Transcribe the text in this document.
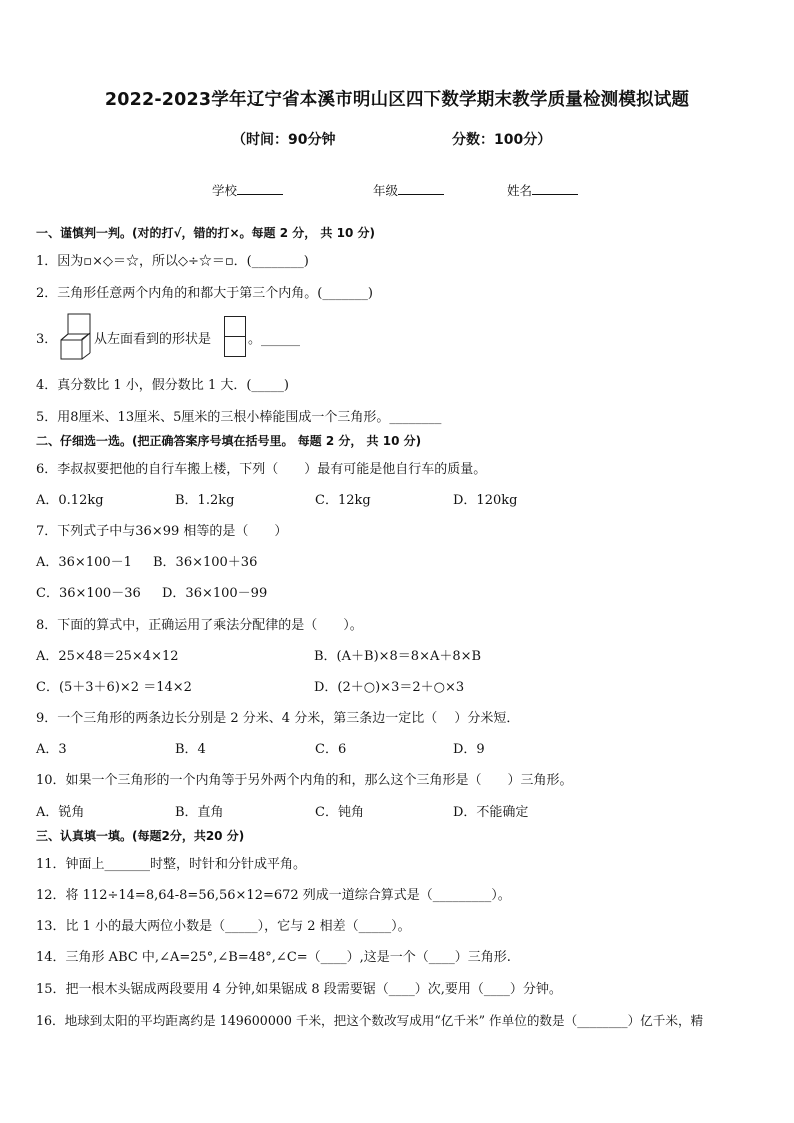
2022-2023学年辽宁省本溪市明山区四下数学期末教学质量检测模拟试题
（时间：90分钟	分数：100分）
学校	年级	姓名
一、谨慎判一判。(对的打√，错的打×。每题 2 分， 共 10 分)
1．因为▫×◇＝☆，所以◇÷☆＝▫．(________)
2．三角形任意两个内角的和都大于第三个内角。(_______)
3．	从左面看到的形状是	。______
4．真分数比 1 小，假分数比 1 大．(_____)
5．用8厘米、13厘米、5厘米的三根小棒能围成一个三角形。________
二、仔细选一选。(把正确答案序号填在括号里。 每题 2 分， 共 10 分)
6．李叔叔要把他的自行车搬上楼，下列（　　）最有可能是他自行车的质量。
A．0.12kg	B．1.2kg	C．12kg	D．120kg
7．下列式子中与36×99 相等的是（　　）
A．36×100－1 B．36×100＋36
C．36×100－36 D．36×100－99
8．下面的算式中，正确运用了乘法分配律的是（　　）。
A．25×48＝25×4×12	B．(A＋B)×8＝8×A＋8×B
C．(5＋3＋6)×2 ＝14×2	D．(2＋○)×3＝2＋○×3
9．一个三角形的两条边长分别是 2 分米、4 分米，第三条边一定比（　 ）分米短．
A．3	B．4	C．6	D．9
10．如果一个三角形的一个内角等于另外两个内角的和，那么这个三角形是（　　）三角形。
A．锐角	B．直角	C．钝角	D．不能确定
三、认真填一填。(每题2分，共20 分)
11．钟面上_______时整，时针和分针成平角。
12．将 112÷14=8,64-8=56,56×12=672 列成一道综合算式是（_________）。
13．比 1 小的最大两位小数是（_____），它与 2 相差（_____）。
14．三角形 ABC 中,∠A=25°,∠B=48°,∠C=（____）,这是一个（____）三角形.
15．把一根木头锯成两段要用 4 分钟,如果锯成 8 段需要锯（____）次,要用（____）分钟。
16．地球到太阳的平均距离约是 149600000 千米，把这个数改写成用“亿千米” 作单位的数是（________）亿千米，精
